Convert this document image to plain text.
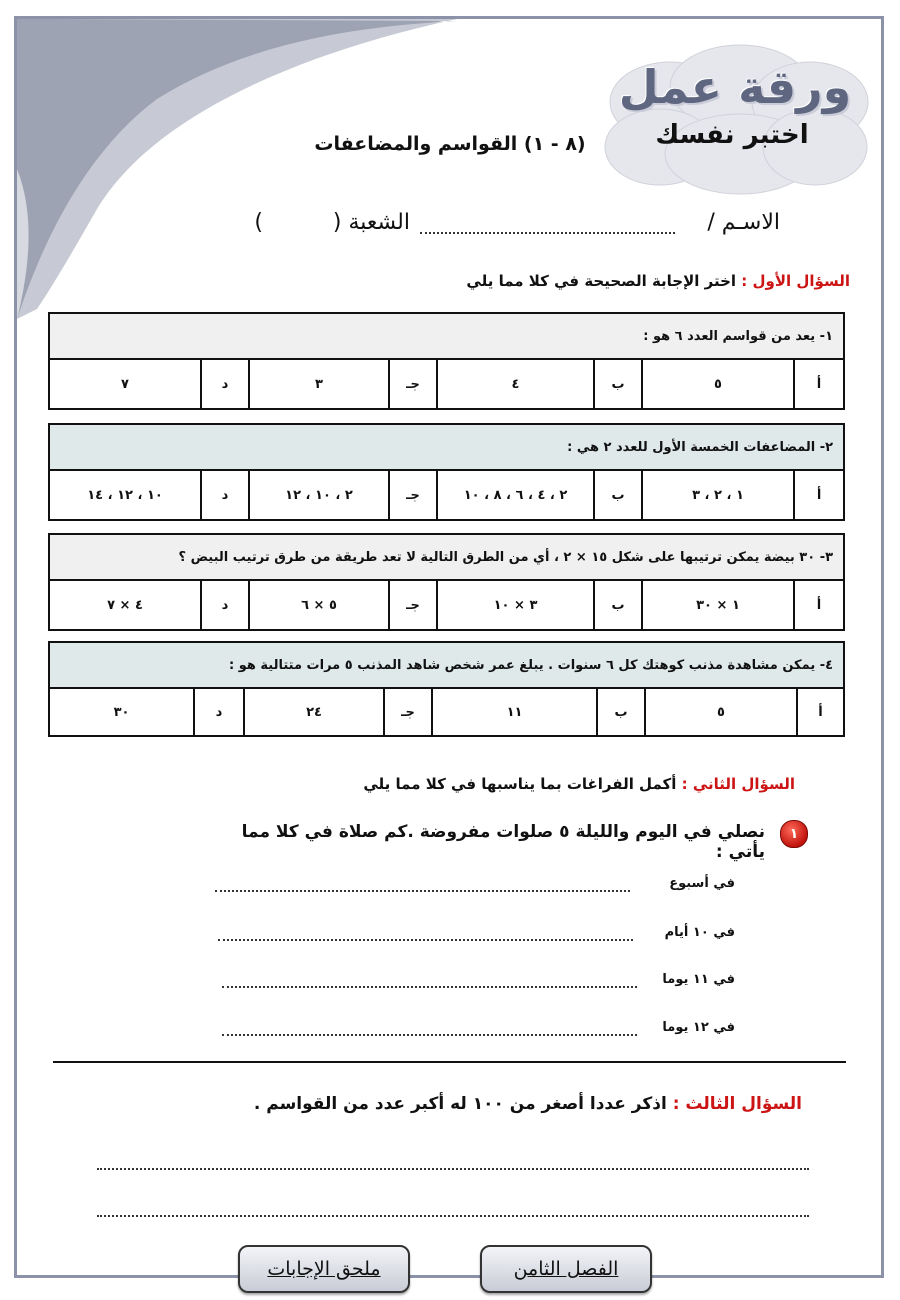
ورقة عمل
اختبر نفسك
(٨ - ١) القواسم والمضاعفات
الاسـم /
الشعبة (          )
السؤال الأول : اختر الإجابة الصحيحة في كلا مما يلي
١- يعد من قواسم العدد ٦ هو :
٧	د	٣	جـ	٤	ب	٥	أ
٢- المضاعفات الخمسة الأول للعدد ٢ هي :
١٠ ، ١٢ ، ١٤	د	٢ ، ١٠ ، ١٢	جـ	٢ ، ٤ ، ٦ ، ٨ ، ١٠	ب	١ ، ٢ ، ٣	أ
٣- ٣٠ بيضة يمكن ترتيبها على شكل ١٥ × ٢ ، أي من الطرق التالية لا تعد طريقة من طرق ترتيب البيض ؟
٤ × ٧	د	٥ × ٦	جـ	٣ × ١٠	ب	١ × ٣٠	أ
٤- يمكن مشاهدة مذنب كوهتك كل ٦ سنوات . يبلغ عمر شخص شاهد المذنب ٥ مرات متتالية هو :
٣٠	د	٢٤	جـ	١١	ب	٥	أ
السؤال الثاني : أكمل الفراغات بما يناسبها في كلا مما يلي
١
نصلي في اليوم والليلة ٥ صلوات مفروضة .كم صلاة في كلا مما يأتي :
في أسبوع
في ١٠ أيام
في ١١ يوما
في ١٢ يوما
السؤال الثالث : اذكر عددا أصغر من ١٠٠ له أكبر عدد من القواسم .
الفصل الثامن
ملحق الإجابات
